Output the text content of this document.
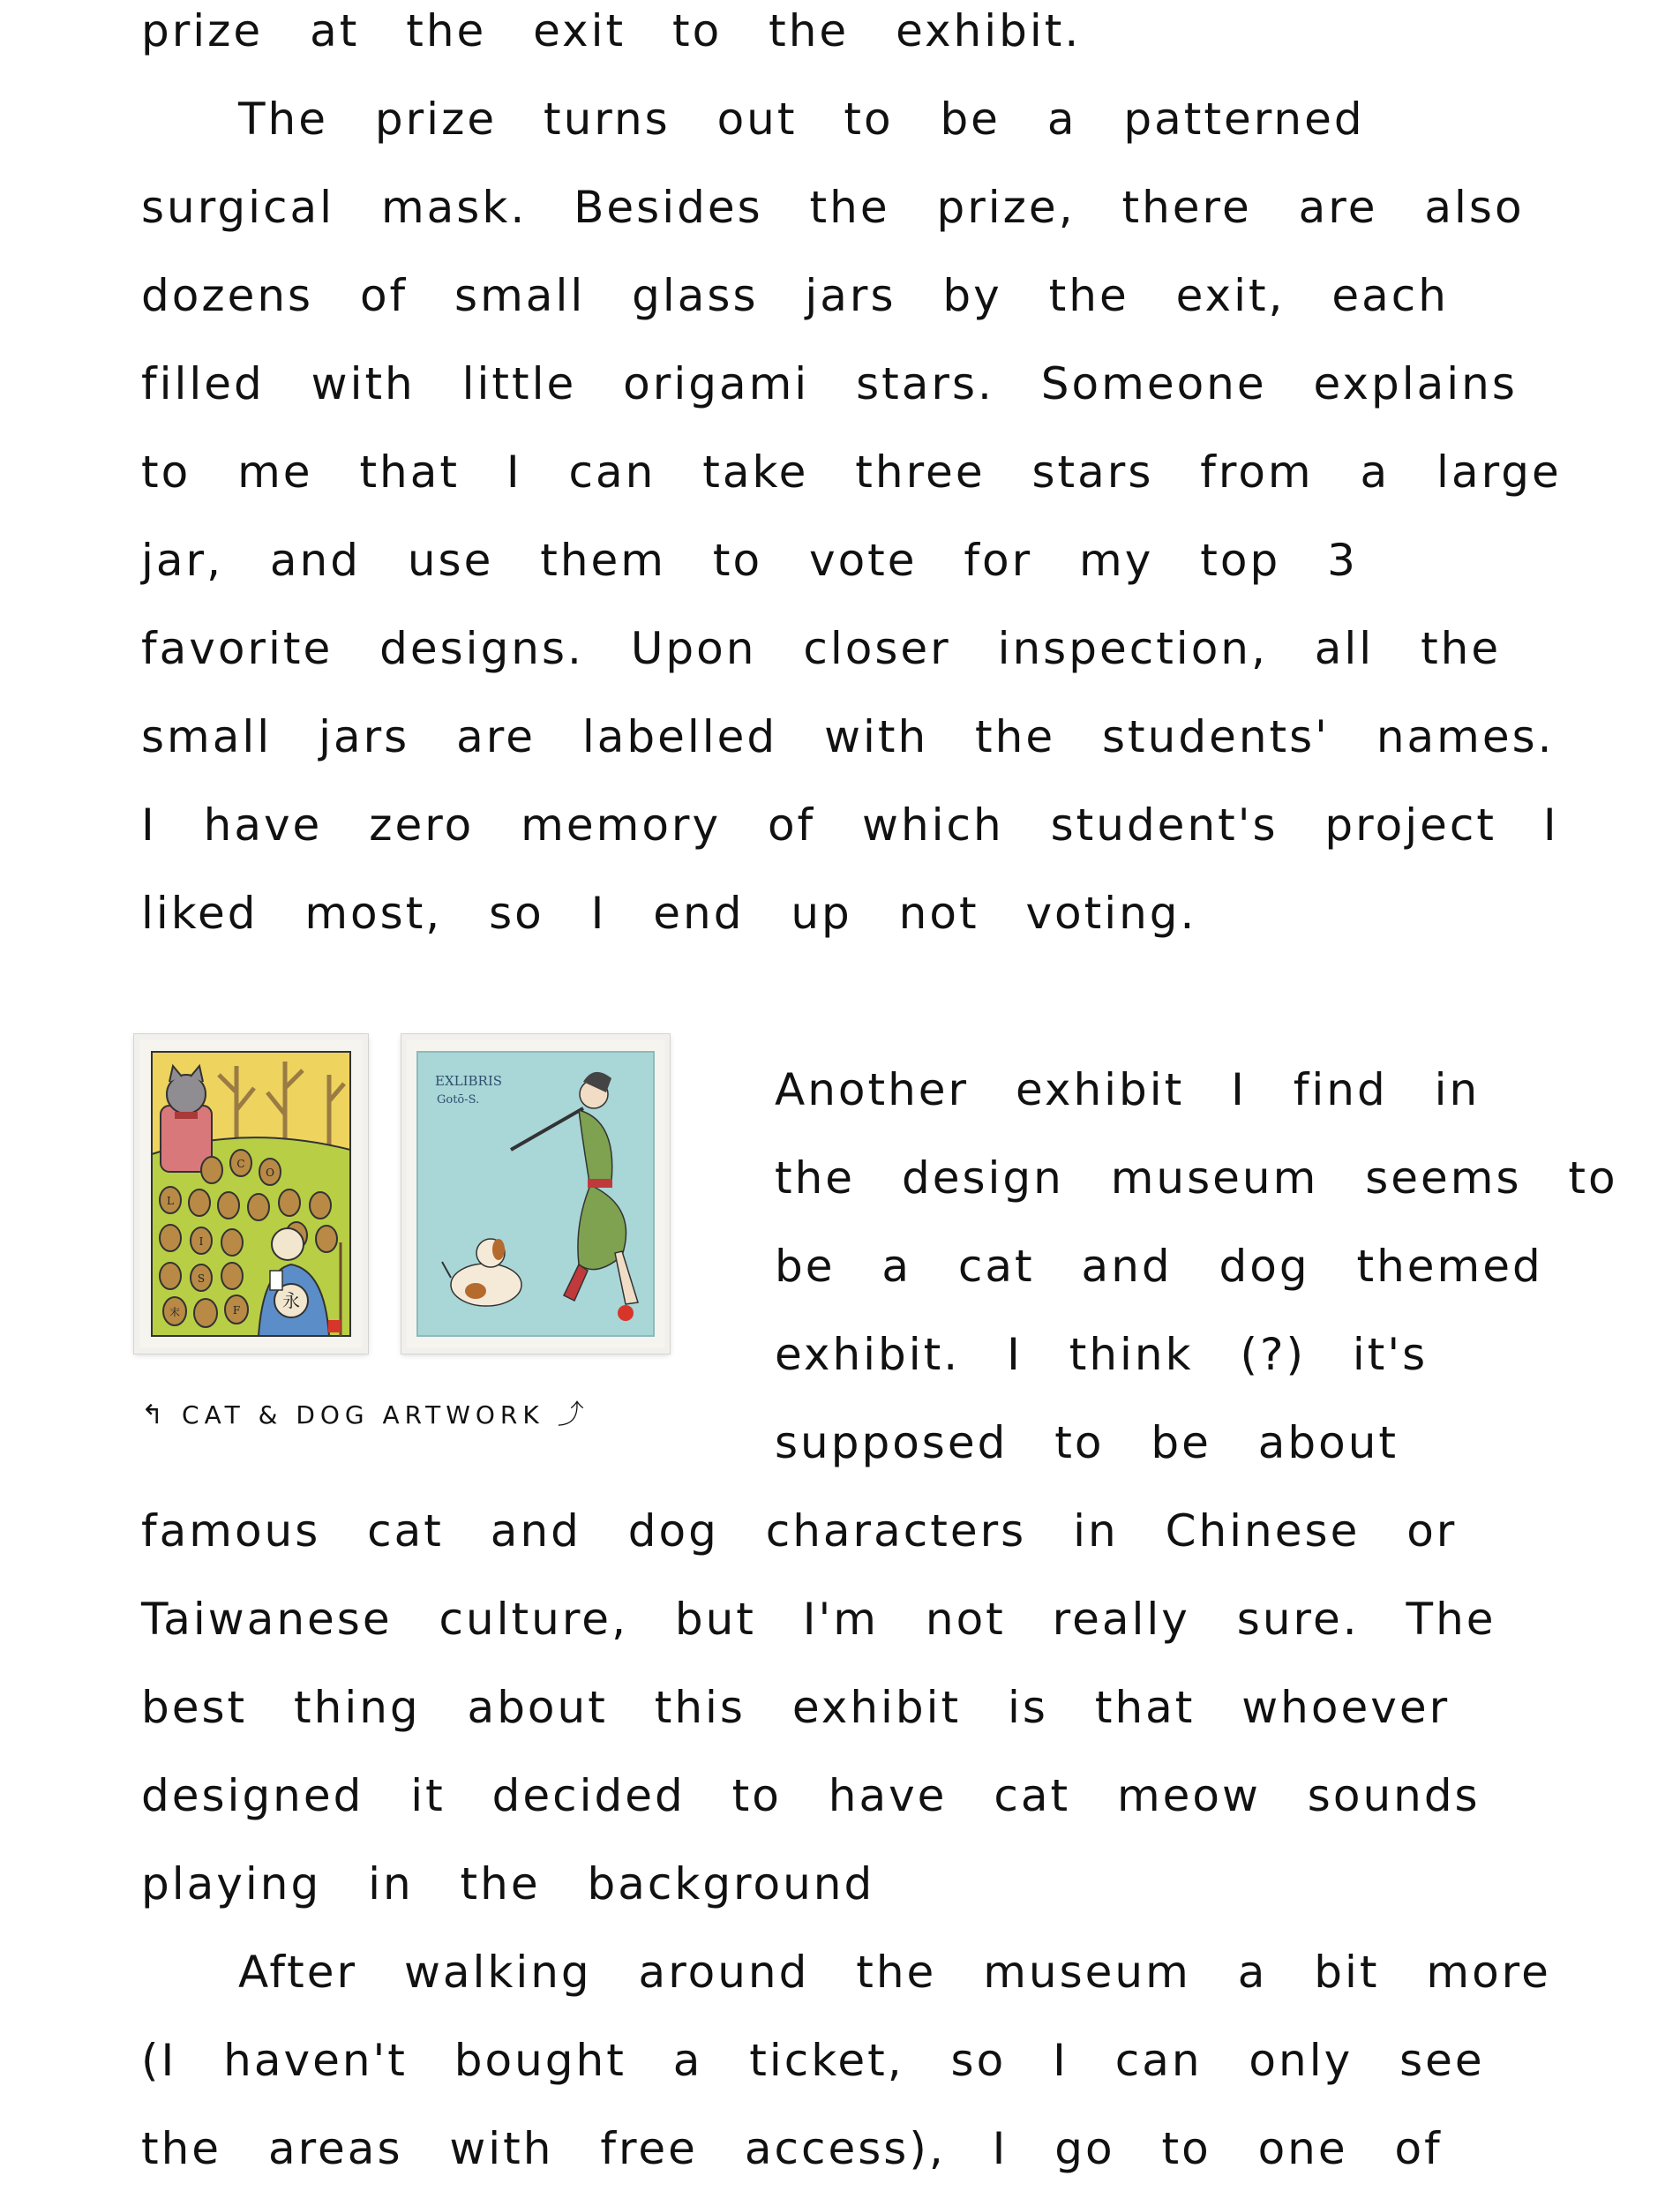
prize at the exit to the exhibit.
The prize turns out to be a patterned
surgical mask. Besides the prize, there are also
dozens of small glass jars by the exit, each
filled with little origami stars. Someone explains
to me that I can take three stars from a large
jar, and use them to vote for my top 3
favorite designs. Upon closer inspection, all the
small jars are labelled with the students' names.
I have zero memory of which student's project I
liked most, so I end up not voting.
C
O
L
I
S
F
末
永
EXLIBRIS
Gotō-S.
↰ CAT & DOG ARTWORK ⤴
Another exhibit I find in
the design museum seems to
be a cat and dog themed
exhibit. I think (?) it's
supposed to be about
famous cat and dog characters in Chinese or
Taiwanese culture, but I'm not really sure. The
best thing about this exhibit is that whoever
designed it decided to have cat meow sounds
playing in the background
After walking around the museum a bit more
(I haven't bought a ticket, so I can only see
the areas with free access), I go to one of
